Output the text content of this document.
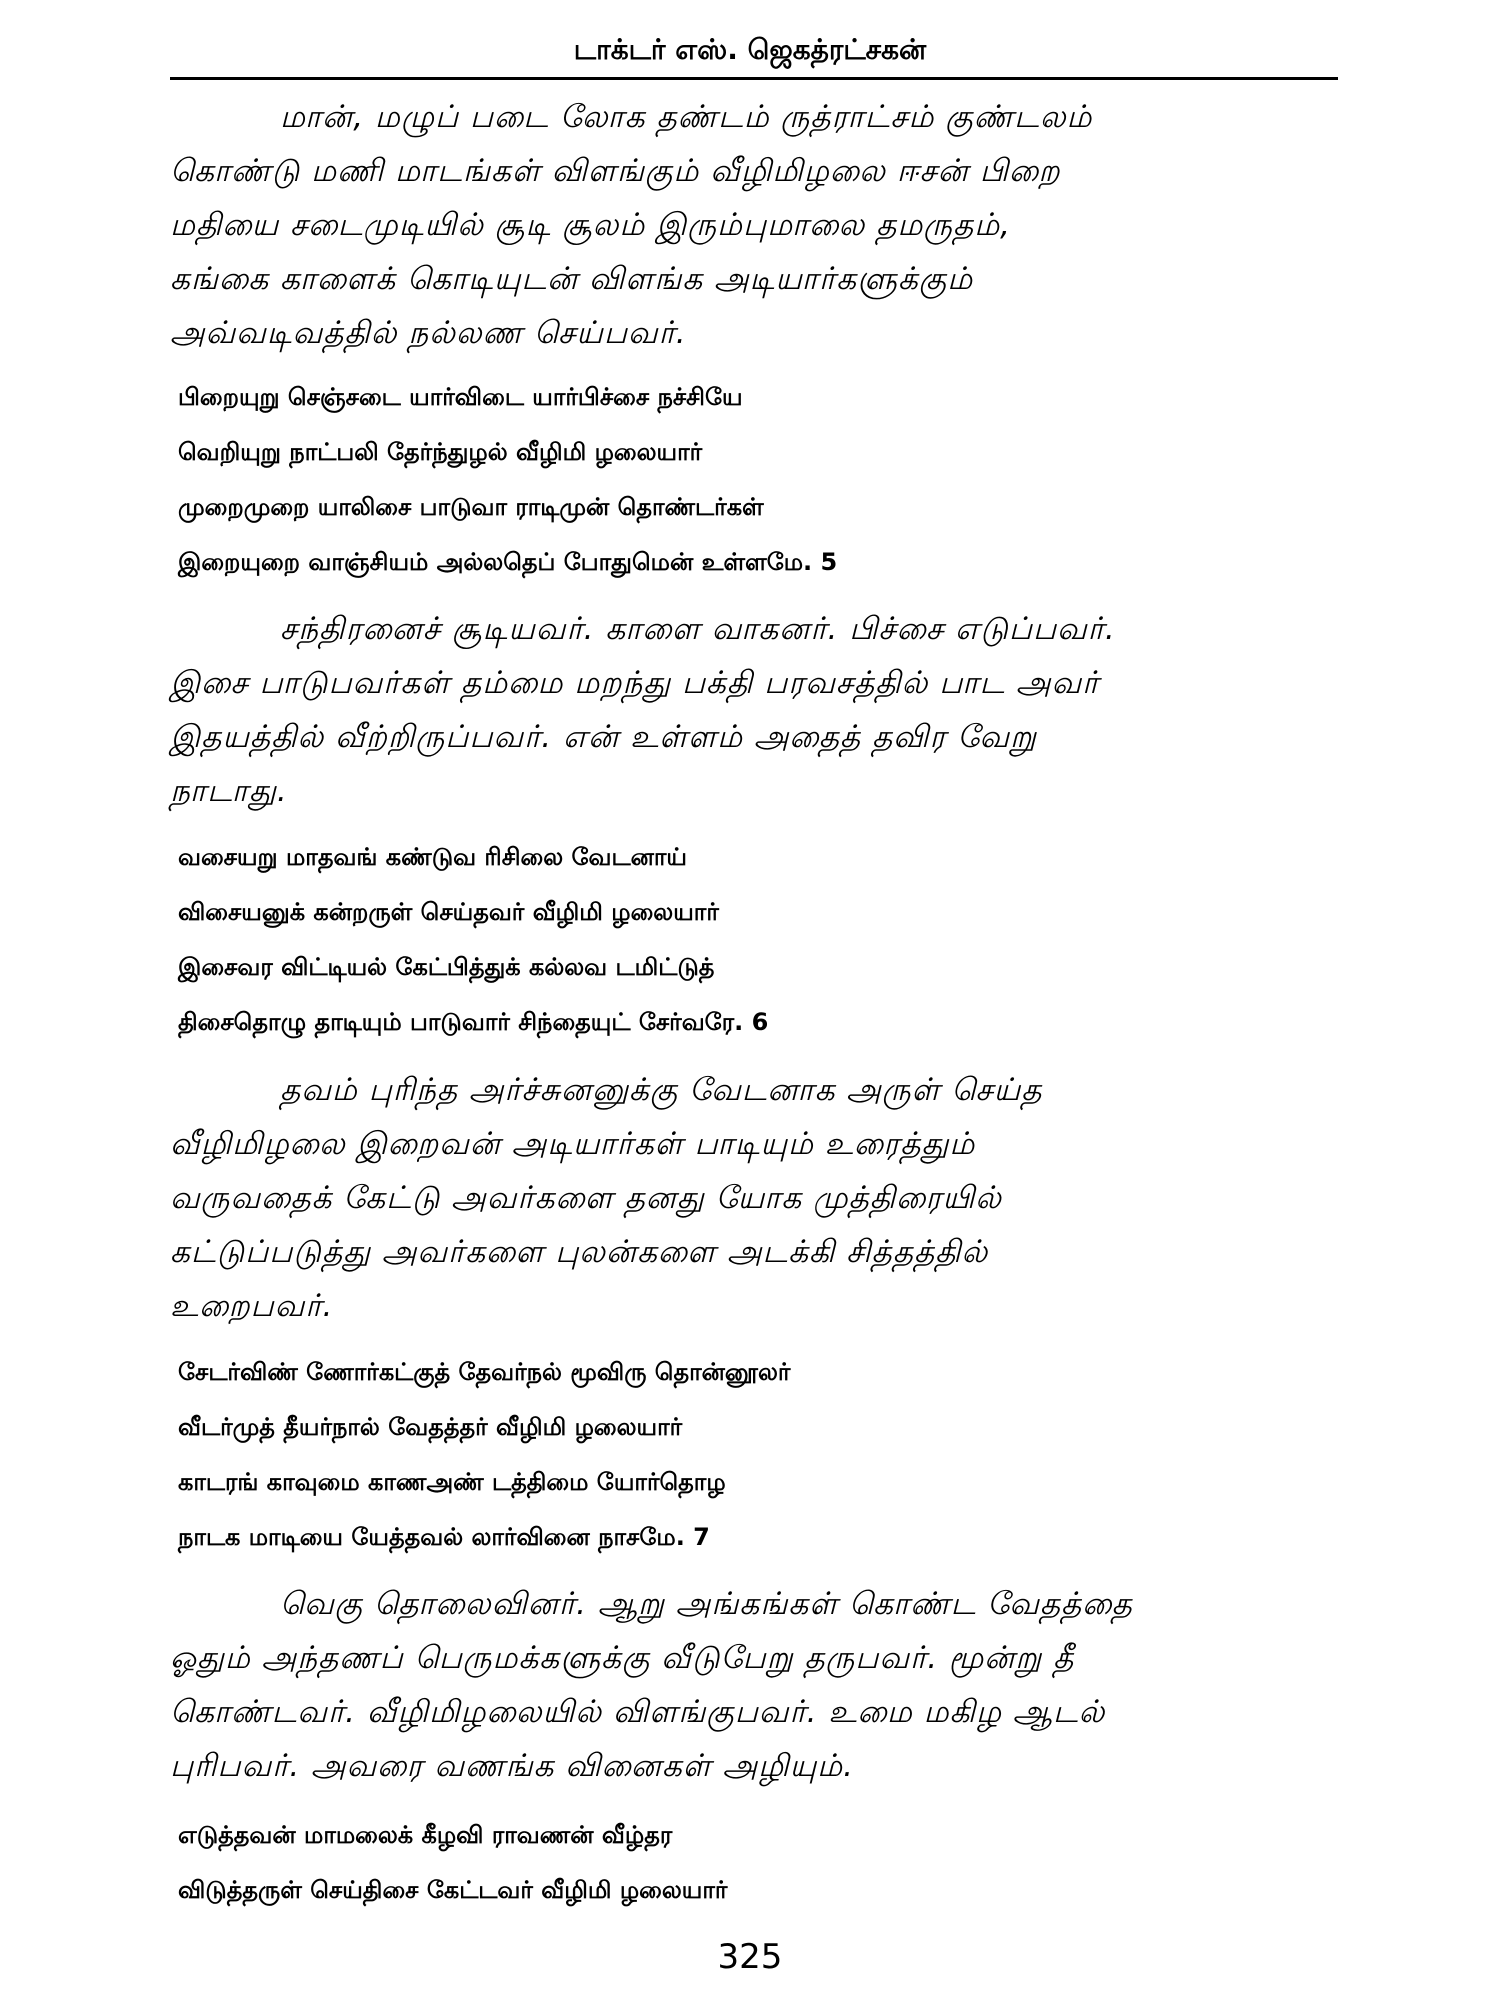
டாக்டர் எஸ். ஜெகத்ரட்சகன்
மான், மழுப் படை லோக தண்டம் ருத்ராட்சம் குண்டலம்
கொண்டு மணி மாடங்கள் விளங்கும் வீழிமிழலை ஈசன் பிறை
மதியை சடைமுடியில் சூடி சூலம் இரும்புமாலை தமருதம்,
கங்கை காளைக் கொடியுடன் விளங்க அடியார்களுக்கும்
அவ்வடிவத்தில் நல்லண செய்பவர்.
பிறையுறு செஞ்சடை யார்விடை யார்பிச்சை நச்சியே
வெறியுறு நாட்பலி தேர்ந்துழல் வீழிமி ழலையார்
முறைமுறை யாலிசை பாடுவா ராடிமுன் தொண்டர்கள்
இறையுறை வாஞ்சியம் அல்லதெப் போதுமென் உள்ளமே. 5
சந்திரனைச் சூடியவர். காளை வாகனர். பிச்சை எடுப்பவர்.
இசை பாடுபவர்கள் தம்மை மறந்து பக்தி பரவசத்தில் பாட அவர்
இதயத்தில் வீற்றிருப்பவர். என் உள்ளம் அதைத் தவிர வேறு
நாடாது.
வசையறு மாதவங் கண்டுவ ரிசிலை வேடனாய்
விசையனுக் கன்றருள் செய்தவர் வீழிமி ழலையார்
இசைவர விட்டியல் கேட்பித்துக் கல்லவ டமிட்டுத்
திசைதொழு தாடியும் பாடுவார் சிந்தையுட் சேர்வரே. 6
தவம் புரிந்த அர்ச்சுனனுக்கு வேடனாக அருள் செய்த
வீழிமிழலை இறைவன் அடியார்கள் பாடியும் உரைத்தும்
வருவதைக் கேட்டு அவர்களை தனது யோக முத்திரையில்
கட்டுப்படுத்து அவர்களை புலன்களை அடக்கி சித்தத்தில்
உறைபவர்.
சேடர்விண் ணோர்கட்குத் தேவர்நல் மூவிரு தொன்னூலர்
வீடர்முத் தீயர்நால் வேதத்தர் வீழிமி ழலையார்
காடரங் காவுமை காணஅண் டத்திமை யோர்தொழ
நாடக மாடியை யேத்தவல் லார்வினை நாசமே. 7
வெகு தொலைவினர். ஆறு அங்கங்கள் கொண்ட வேதத்தை
ஓதும் அந்தணப் பெருமக்களுக்கு வீடுபேறு தருபவர். மூன்று தீ
கொண்டவர். வீழிமிழலையில் விளங்குபவர். உமை மகிழ ஆடல்
புரிபவர். அவரை வணங்க வினைகள் அழியும்.
எடுத்தவன் மாமலைக் கீழவி ராவணன் வீழ்தர
விடுத்தருள் செய்திசை கேட்டவர் வீழிமி ழலையார்
325
